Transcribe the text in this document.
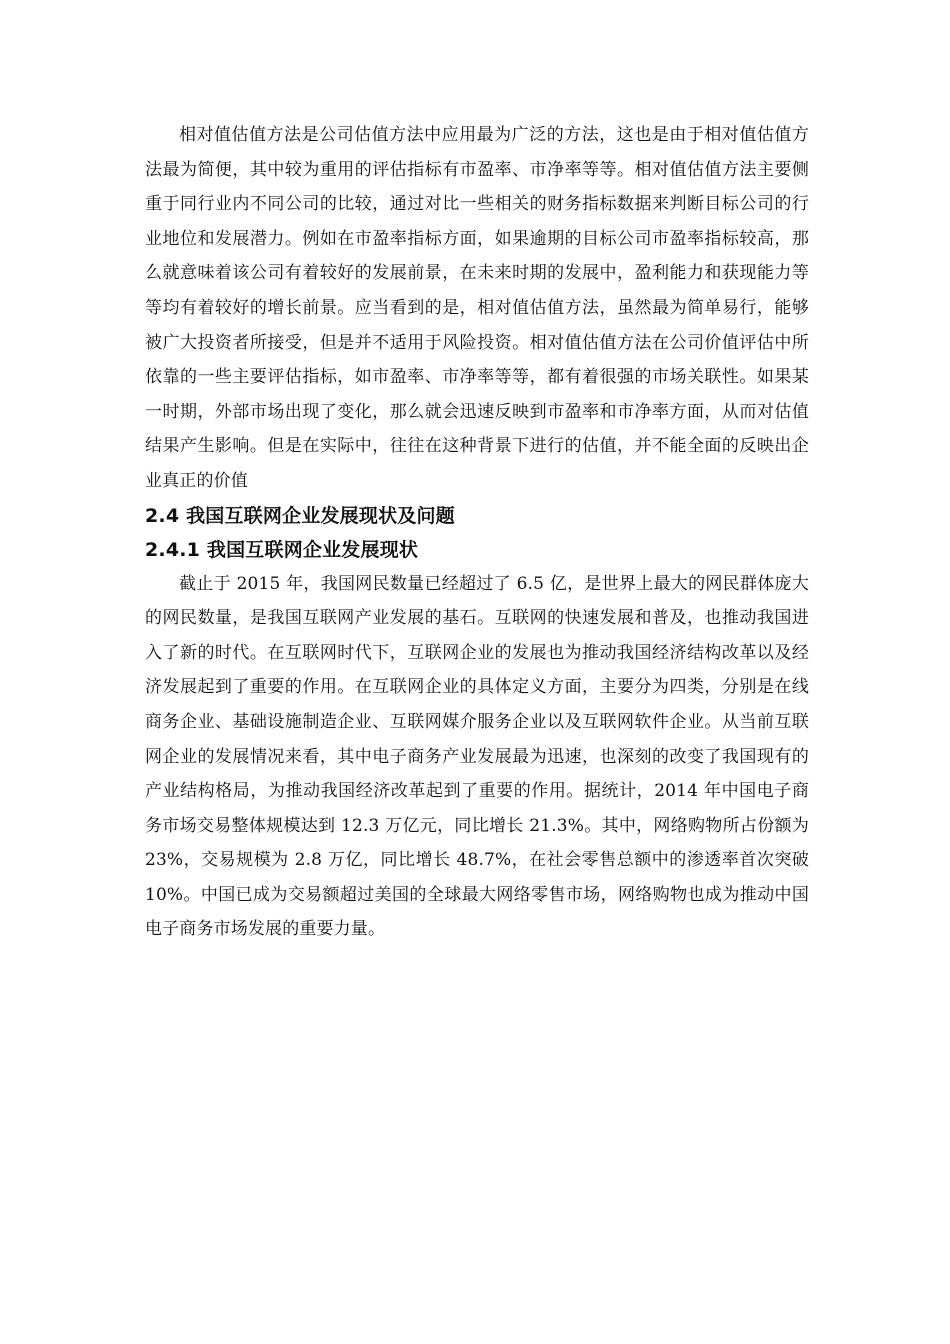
相对值估值方法是公司估值方法中应用最为广泛的方法，这也是由于相对值估值方法最为简便，其中较为重用的评估指标有市盈率、市净率等等。相对值估值方法主要侧重于同行业内不同公司的比较，通过对比一些相关的财务指标数据来判断目标公司的行业地位和发展潜力。例如在市盈率指标方面，如果逾期的目标公司市盈率指标较高，那么就意味着该公司有着较好的发展前景，在未来时期的发展中，盈利能力和获现能力等等均有着较好的增长前景。应当看到的是，相对值估值方法，虽然最为简单易行，能够被广大投资者所接受，但是并不适用于风险投资。相对值估值方法在公司价值评估中所依靠的一些主要评估指标，如市盈率、市净率等等，都有着很强的市场关联性。如果某一时期，外部市场出现了变化，那么就会迅速反映到市盈率和市净率方面，从而对估值结果产生影响。但是在实际中，往往在这种背景下进行的估值，并不能全面的反映出企业真正的价值

2.4 我国互联网企业发展现状及问题
2.4.1 我国互联网企业发展现状

截止于 2015 年，我国网民数量已经超过了 6.5 亿，是世界上最大的网民群体庞大的网民数量，是我国互联网产业发展的基石。互联网的快速发展和普及，也推动我国进入了新的时代。在互联网时代下，互联网企业的发展也为推动我国经济结构改革以及经济发展起到了重要的作用。在互联网企业的具体定义方面，主要分为四类，分别是在线商务企业、基础设施制造企业、互联网媒介服务企业以及互联网软件企业。从当前互联网企业的发展情况来看，其中电子商务产业发展最为迅速，也深刻的改变了我国现有的产业结构格局，为推动我国经济改革起到了重要的作用。据统计，2014 年中国电子商务市场交易整体规模达到 12.3 万亿元，同比增长 21.3%。其中，网络购物所占份额为 23%，交易规模为 2.8 万亿，同比增长 48.7%，在社会零售总额中的渗透率首次突破 10%。中国已成为交易额超过美国的全球最大网络零售市场，网络购物也成为推动中国电子商务市场发展的重要力量。
